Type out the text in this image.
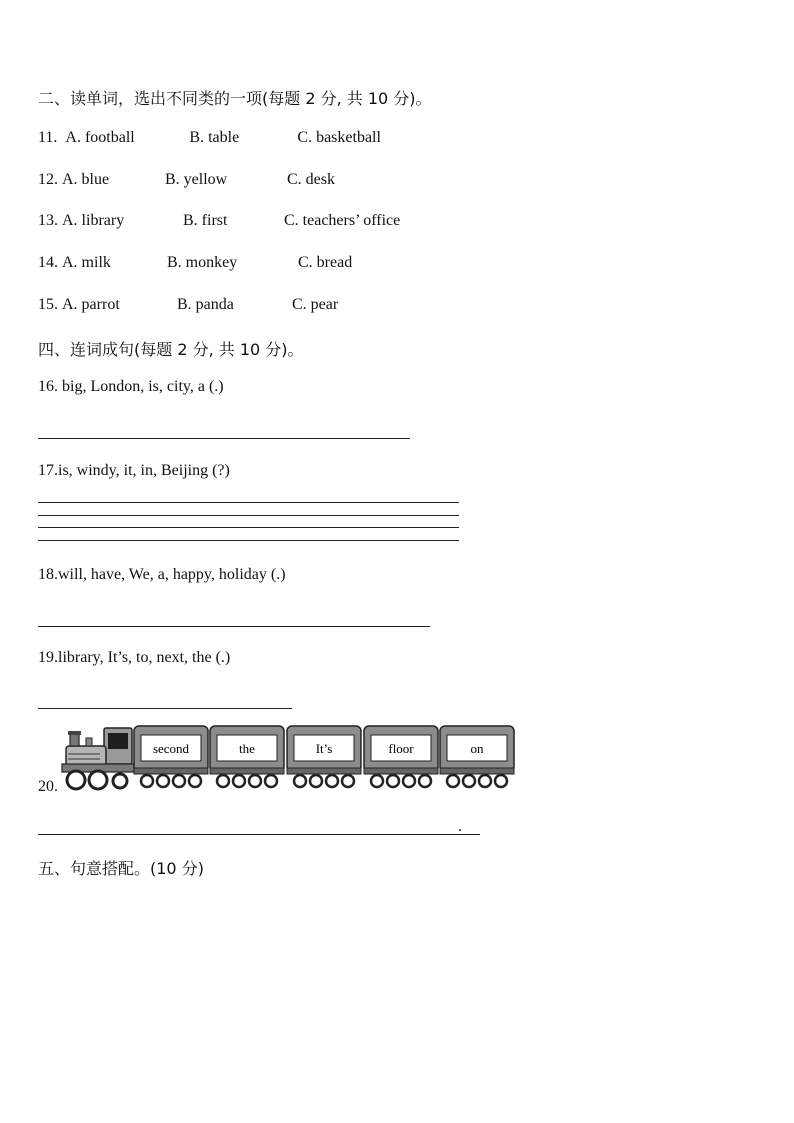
二、读单词，选出不同类的一项(每题 2 分, 共 10 分)。
11. A. football	B. table	C. basketball
12. A. blue	B. yellow	C. desk
13. A. library	B. first	C. teachers’ office
14. A. milk	B. monkey	C. bread
15. A. parrot	B. panda	C. pear
四、连词成句(每题 2 分, 共 10 分)。
16. big, London, is, city, a (.)
17.is, windy, it, in, Beijing (?)
18.will, have, We, a, happy, holiday (.)
19.library, It’s, to, next, the (.)
20.
second	the	It’s	floor	on
.
五、句意搭配。(10 分)
